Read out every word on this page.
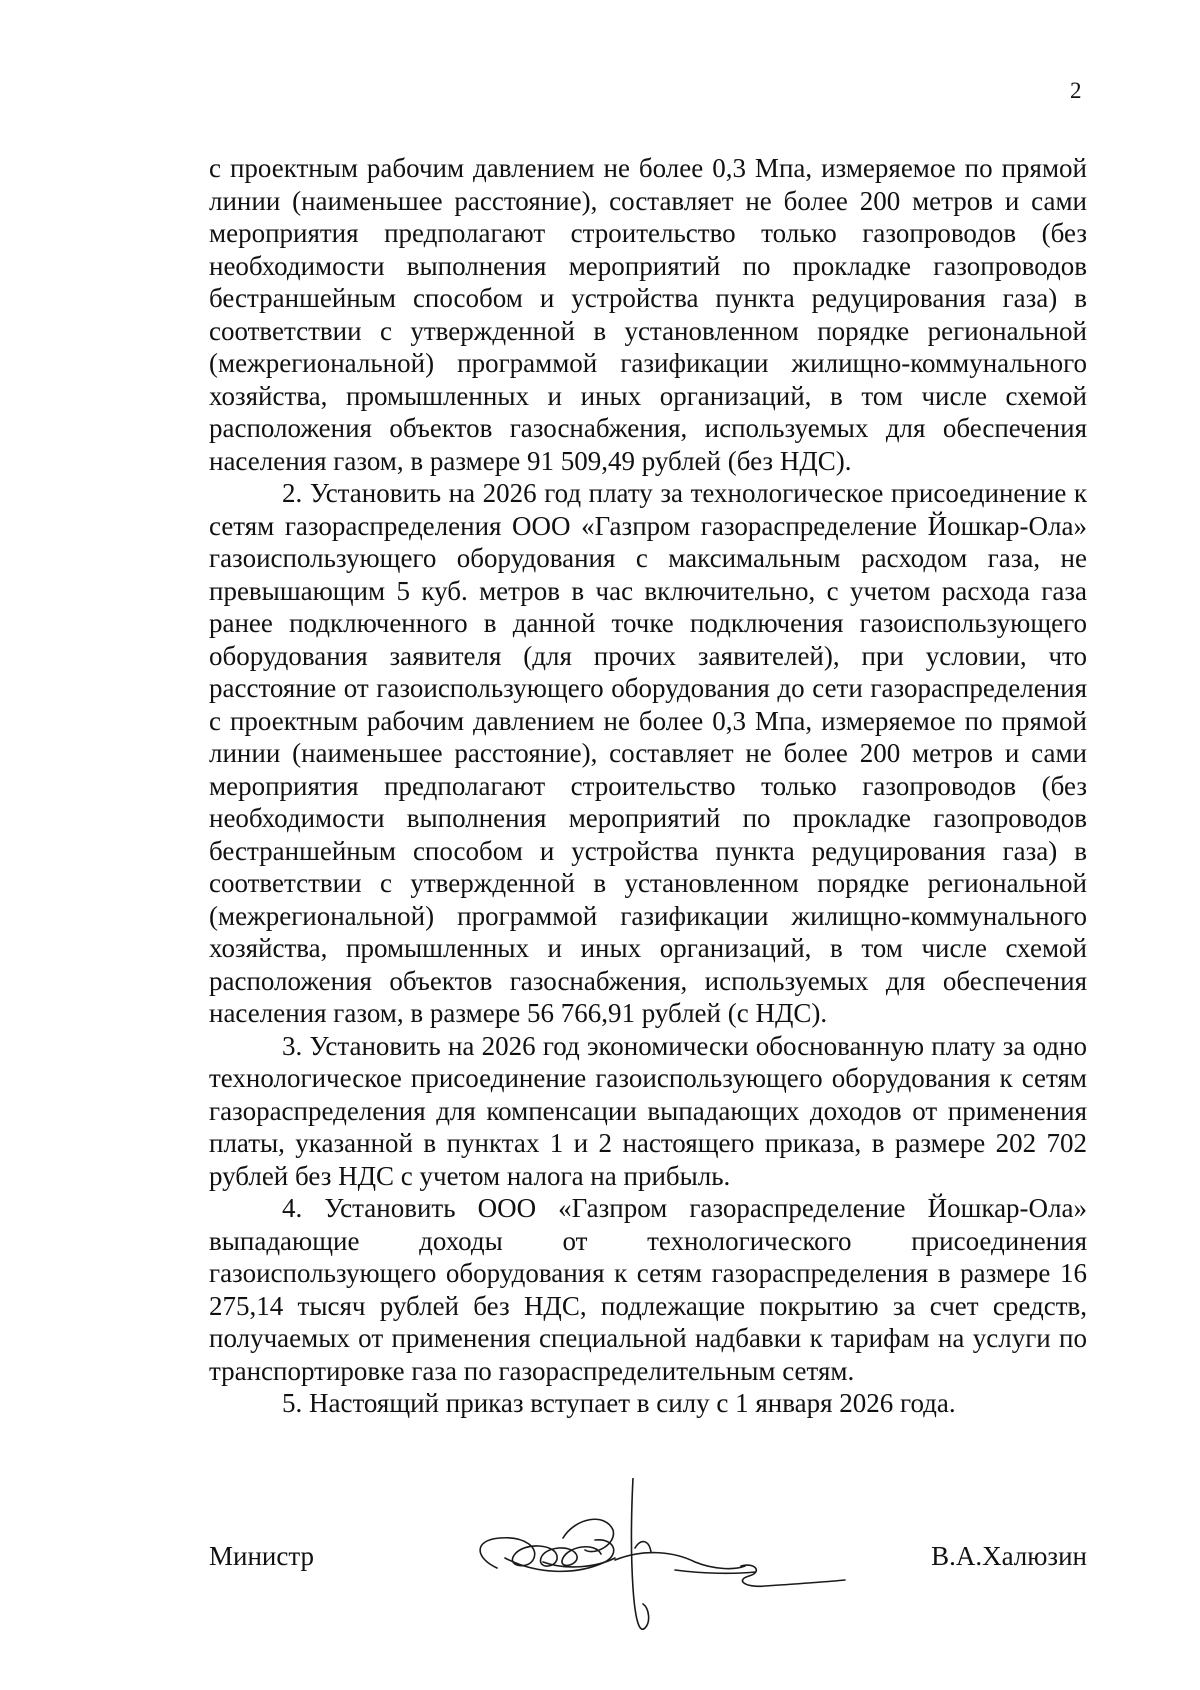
2

с проектным рабочим давлением не более 0,3 Мпа, измеряемое по прямой линии (наименьшее расстояние), составляет не более 200 метров и сами мероприятия предполагают строительство только газопроводов (без необходимости выполнения мероприятий по прокладке газопроводов бестраншейным способом и устройства пункта редуцирования газа) в соответствии с утвержденной в установленном порядке региональной (межрегиональной) программой газификации жилищно-коммунального хозяйства, промышленных и иных организаций, в том числе схемой расположения объектов газоснабжения, используемых для обеспечения населения газом, в размере 91 509,49 рублей (без НДС).

2. Установить на 2026 год плату за технологическое присоединение к сетям газораспределения ООО «Газпром газораспределение Йошкар-Ола» газоиспользующего оборудования с максимальным расходом газа, не превышающим 5 куб. метров в час включительно, с учетом расхода газа ранее подключенного в данной точке подключения газоиспользующего оборудования заявителя (для прочих заявителей), при условии, что расстояние от газоиспользующего оборудования до сети газораспределения с проектным рабочим давлением не более 0,3 Мпа, измеряемое по прямой линии (наименьшее расстояние), составляет не более 200 метров и сами мероприятия предполагают строительство только газопроводов (без необходимости выполнения мероприятий по прокладке газопроводов бестраншейным способом и устройства пункта редуцирования газа) в соответствии с утвержденной в установленном порядке региональной (межрегиональной) программой газификации жилищно-коммунального хозяйства, промышленных и иных организаций, в том числе схемой расположения объектов газоснабжения, используемых для обеспечения населения газом, в размере 56 766,91 рублей (с НДС).

3. Установить на 2026 год экономически обоснованную плату за одно технологическое присоединение газоиспользующего оборудования к сетям газораспределения для компенсации выпадающих доходов от применения платы, указанной в пунктах 1 и 2 настоящего приказа, в размере 202 702 рублей без НДС с учетом налога на прибыль.

4. Установить ООО «Газпром газораспределение Йошкар-Ола» выпадающие доходы от технологического присоединения газоиспользующего оборудования к сетям газораспределения в размере 16 275,14 тысяч рублей без НДС, подлежащие покрытию за счет средств, получаемых от применения специальной надбавки к тарифам на услуги по транспортировке газа по газораспределительным сетям.

5. Настоящий приказ вступает в силу с 1 января 2026 года.

Министр	В.А.Халюзин
